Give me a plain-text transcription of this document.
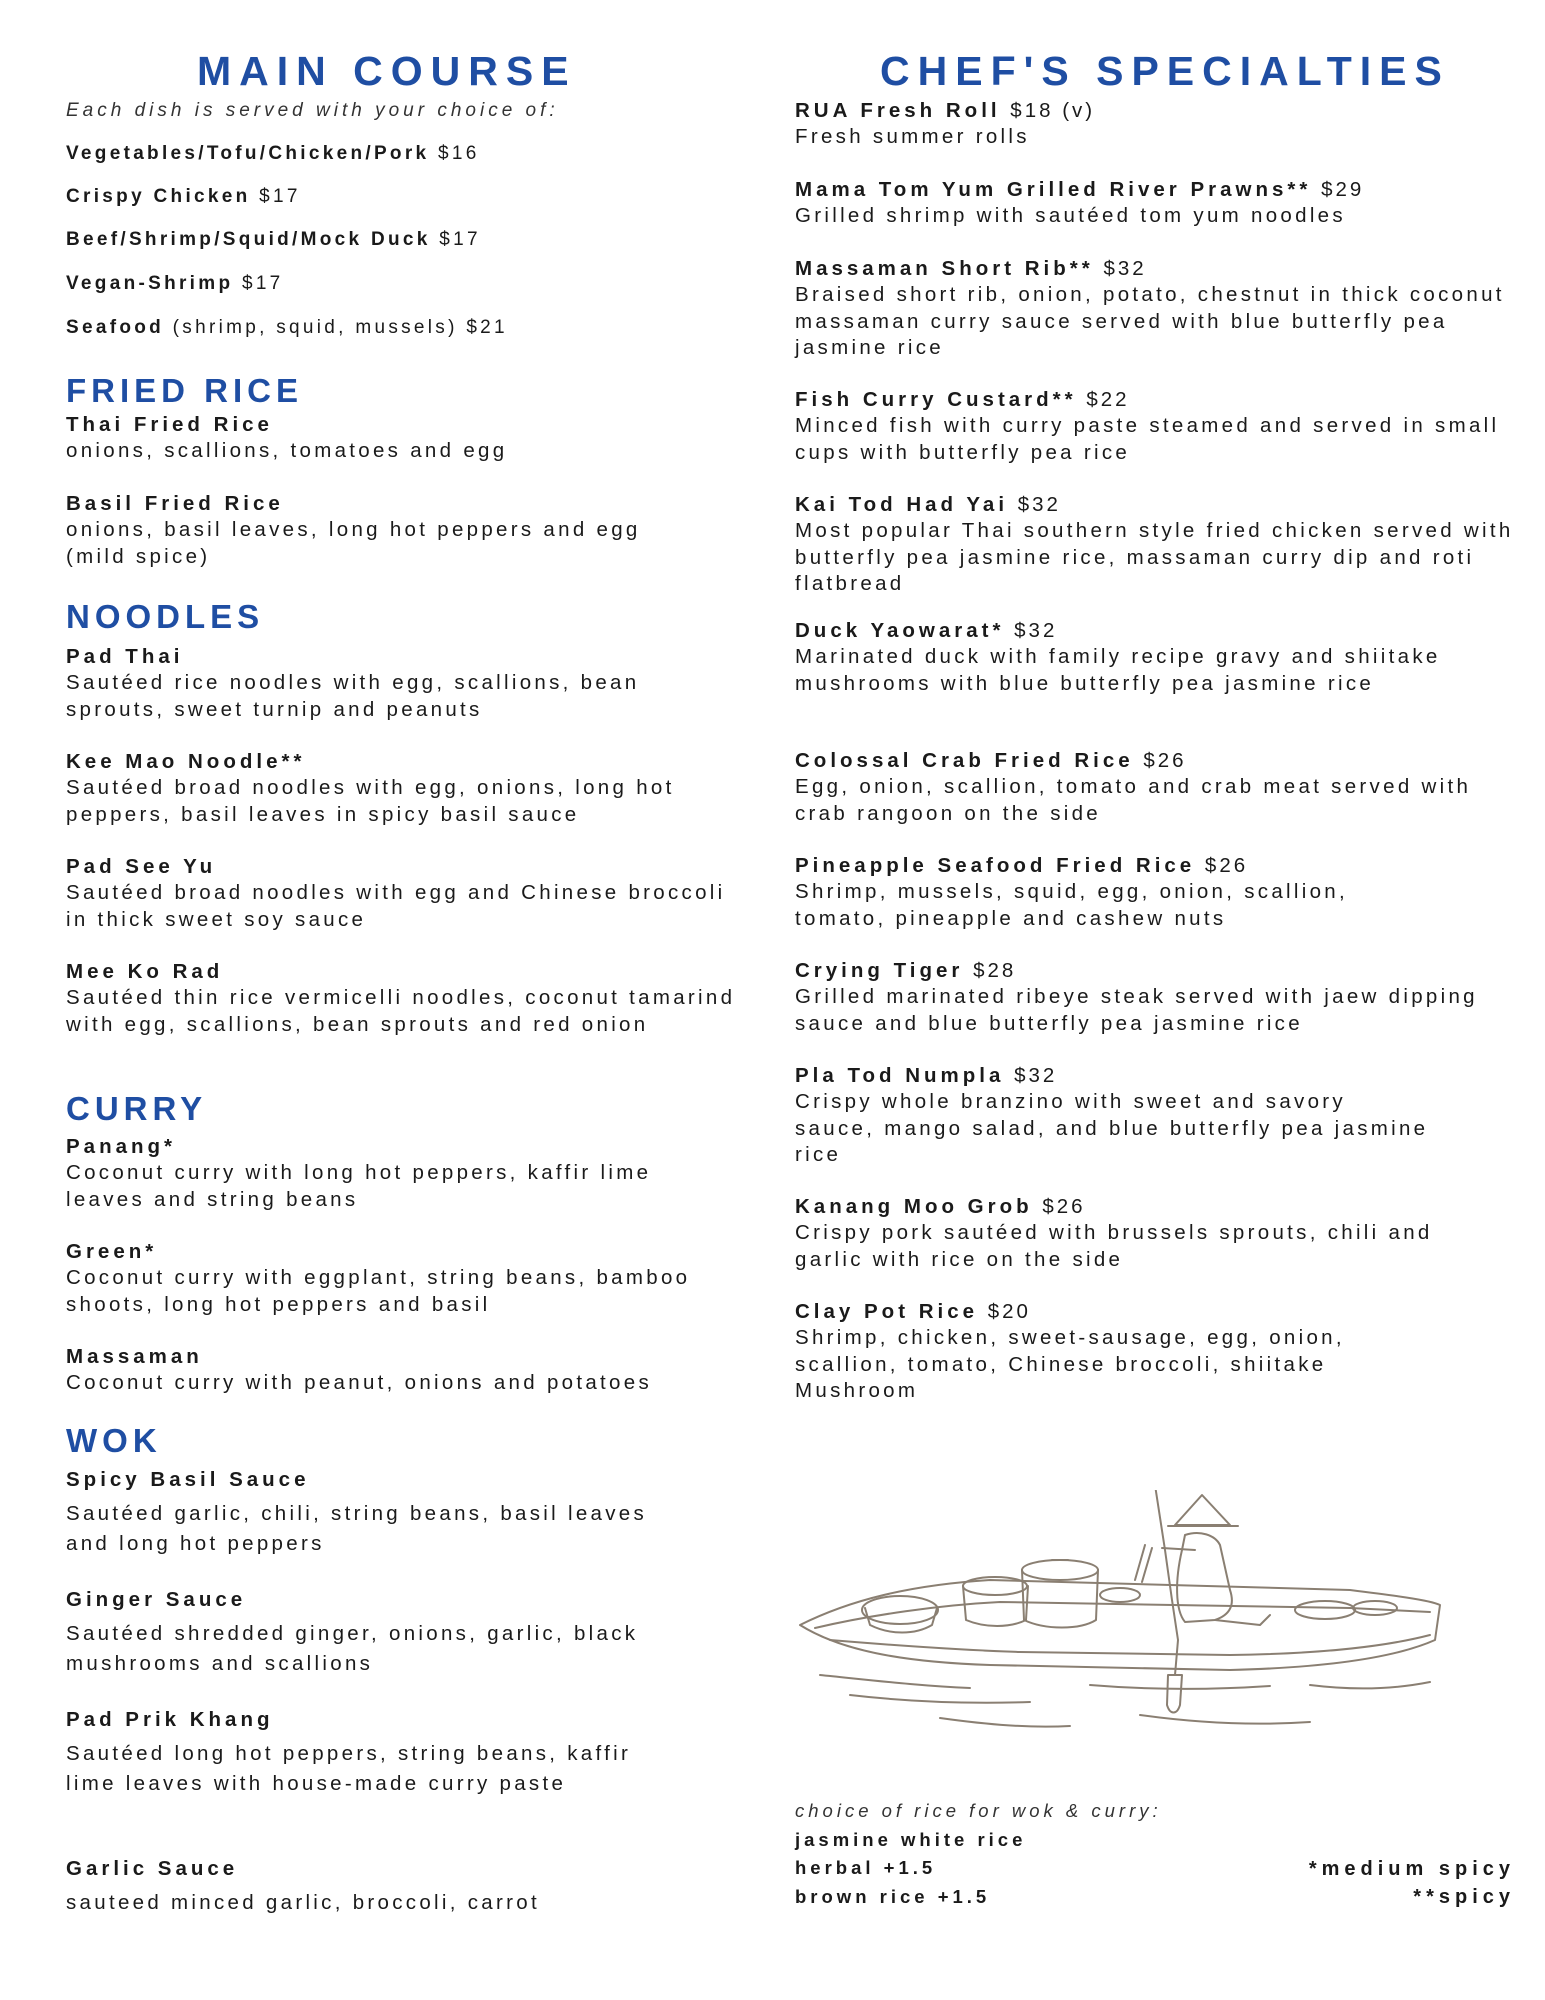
MAIN COURSE
Each dish is served with your choice of:
Vegetables/Tofu/Chicken/Pork $16
Crispy Chicken $17
Beef/Shrimp/Squid/Mock Duck $17
Vegan-Shrimp $17
Seafood (shrimp, squid, mussels) $21
FRIED RICE
Thai Fried Rice
onions, scallions, tomatoes and egg
Basil Fried Rice
onions, basil leaves, long hot peppers and egg (mild spice)
NOODLES
Pad Thai
Sautéed rice noodles with egg, scallions, bean sprouts, sweet turnip and peanuts
Kee Mao Noodle**
Sautéed broad noodles with egg, onions, long hot peppers, basil leaves in spicy basil sauce
Pad See Yu
Sautéed broad noodles with egg and Chinese broccoli in thick sweet soy sauce
Mee Ko Rad
Sautéed thin rice vermicelli noodles, coconut tamarind with egg, scallions, bean sprouts and red onion
CURRY
Panang*
Coconut curry with long hot peppers, kaffir lime leaves and string beans
Green*
Coconut curry with eggplant, string beans, bamboo shoots, long hot peppers and basil
Massaman
Coconut curry with peanut, onions and potatoes
WOK
Spicy Basil Sauce
Sautéed garlic, chili, string beans, basil leaves and long hot peppers
Ginger Sauce
Sautéed shredded ginger, onions, garlic, black mushrooms and scallions
Pad Prik Khang
Sautéed long hot peppers, string beans, kaffir lime leaves with house-made curry paste
Garlic Sauce
sauteed minced garlic, broccoli, carrot
CHEF'S SPECIALTIES
RUA Fresh Roll $18 (v)
Fresh summer rolls
Mama Tom Yum Grilled River Prawns** $29
Grilled shrimp with sautéed tom yum noodles
Massaman Short Rib** $32
Braised short rib, onion, potato, chestnut in thick coconut massaman curry sauce served with blue butterfly pea jasmine rice
Fish Curry Custard** $22
Minced fish with curry paste steamed and served in small cups with butterfly pea rice
Kai Tod Had Yai $32
Most popular Thai southern style fried chicken served with butterfly pea jasmine rice, massaman curry dip and roti flatbread
Duck Yaowarat* $32
Marinated duck with family recipe gravy and shiitake mushrooms with blue butterfly pea jasmine rice
Colossal Crab Fried Rice $26
Egg, onion, scallion, tomato and crab meat served with crab rangoon on the side
Pineapple Seafood Fried Rice $26
Shrimp, mussels, squid, egg, onion, scallion, tomato, pineapple and cashew nuts
Crying Tiger $28
Grilled marinated ribeye steak served with jaew dipping sauce and blue butterfly pea jasmine rice
Pla Tod Numpla $32
Crispy whole branzino with sweet and savory sauce, mango salad, and blue butterfly pea jasmine rice
Kanang Moo Grob $26
Crispy pork sautéed with brussels sprouts, chili and garlic with rice on the side
Clay Pot Rice $20
Shrimp, chicken, sweet-sausage, egg, onion, scallion, tomato, Chinese broccoli, shiitake Mushroom
choice of rice for wok & curry:
jasmine white rice
herbal +1.5
brown rice +1.5
*medium spicy
**spicy
